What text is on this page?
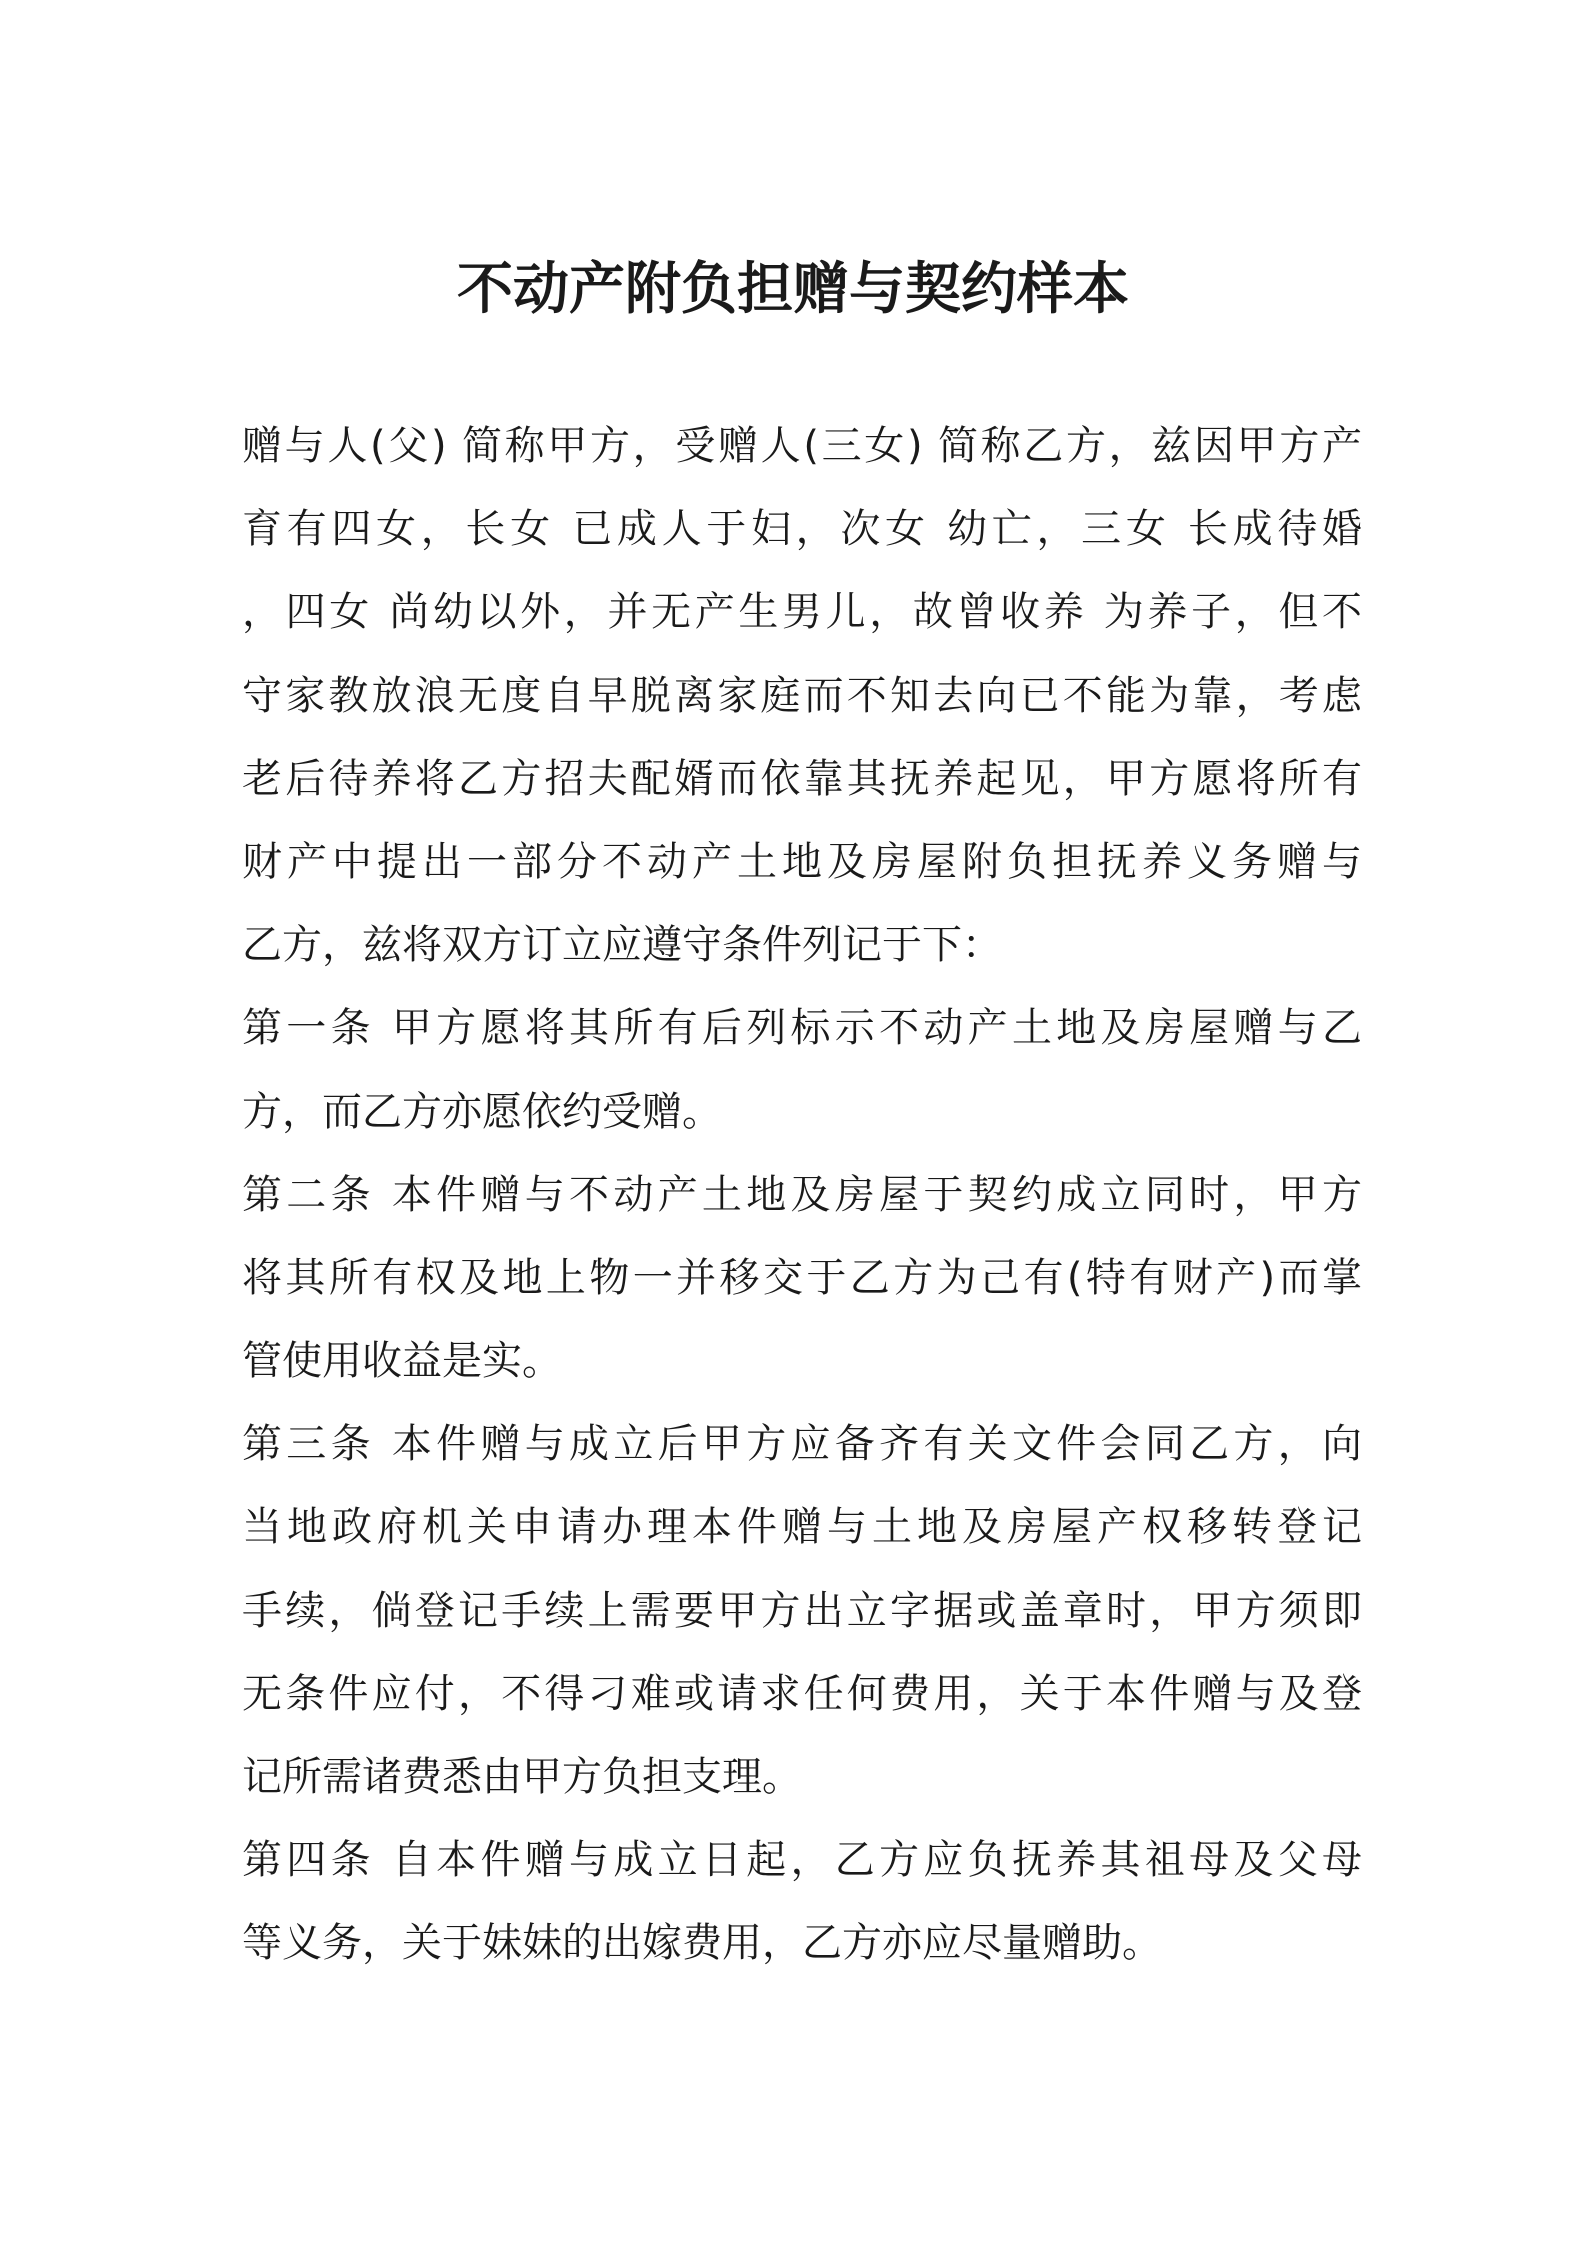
不动产附负担赠与契约样本
赠与人(父) 简称甲方，受赠人(三女) 简称乙方，兹因甲方产
育有四女，长女 已成人于妇，次女 幼亡，三女 长成待婚
，四女 尚幼以外，并无产生男儿，故曾收养 为养子，但不
守家教放浪无度自早脱离家庭而不知去向已不能为靠，考虑
老后待养将乙方招夫配婿而依靠其抚养起见，甲方愿将所有
财产中提出一部分不动产土地及房屋附负担抚养义务赠与
乙方，兹将双方订立应遵守条件列记于下：
第一条 甲方愿将其所有后列标示不动产土地及房屋赠与乙
方，而乙方亦愿依约受赠。
第二条 本件赠与不动产土地及房屋于契约成立同时，甲方
将其所有权及地上物一并移交于乙方为己有(特有财产)而掌
管使用收益是实。
第三条 本件赠与成立后甲方应备齐有关文件会同乙方，向
当地政府机关申请办理本件赠与土地及房屋产权移转登记
手续，倘登记手续上需要甲方出立字据或盖章时，甲方须即
无条件应付，不得刁难或请求任何费用，关于本件赠与及登
记所需诸费悉由甲方负担支理。
第四条 自本件赠与成立日起，乙方应负抚养其祖母及父母
等义务，关于妹妹的出嫁费用，乙方亦应尽量赠助。
